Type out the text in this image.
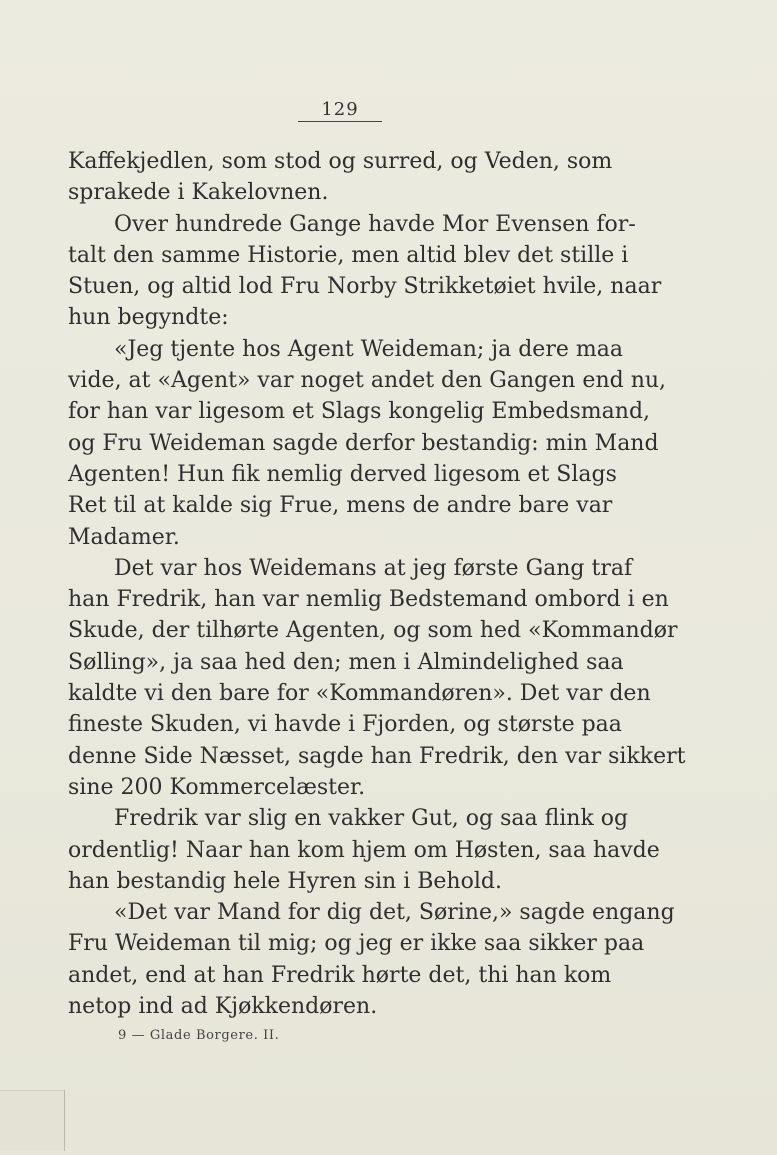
129
Kaffekjedlen, som stod og surred, og Veden, som
sprakede i Kakelovnen.
Over hundrede Gange havde Mor Evensen for-
talt den samme Historie, men altid blev det stille i
Stuen, og altid lod Fru Norby Strikketøiet hvile, naar
hun begyndte:
«Jeg tjente hos Agent Weideman; ja dere maa
vide, at «Agent» var noget andet den Gangen end nu,
for han var ligesom et Slags kongelig Embedsmand,
og Fru Weideman sagde derfor bestandig: min Mand
Agenten! Hun fik nemlig derved ligesom et Slags
Ret til at kalde sig Frue, mens de andre bare var
Madamer.
Det var hos Weidemans at jeg første Gang traf
han Fredrik, han var nemlig Bedstemand ombord i en
Skude, der tilhørte Agenten, og som hed «Kommandør
Sølling», ja saa hed den; men i Almindelighed saa
kaldte vi den bare for «Kommandøren». Det var den
fineste Skuden, vi havde i Fjorden, og største paa
denne Side Næsset, sagde han Fredrik, den var sikkert
sine 200 Kommercelæster.
Fredrik var slig en vakker Gut, og saa flink og
ordentlig! Naar han kom hjem om Høsten, saa havde
han bestandig hele Hyren sin i Behold.
«Det var Mand for dig det, Sørine,» sagde engang
Fru Weideman til mig; og jeg er ikke saa sikker paa
andet, end at han Fredrik hørte det, thi han kom
netop ind ad Kjøkkendøren.
9 — Glade Borgere. II.
